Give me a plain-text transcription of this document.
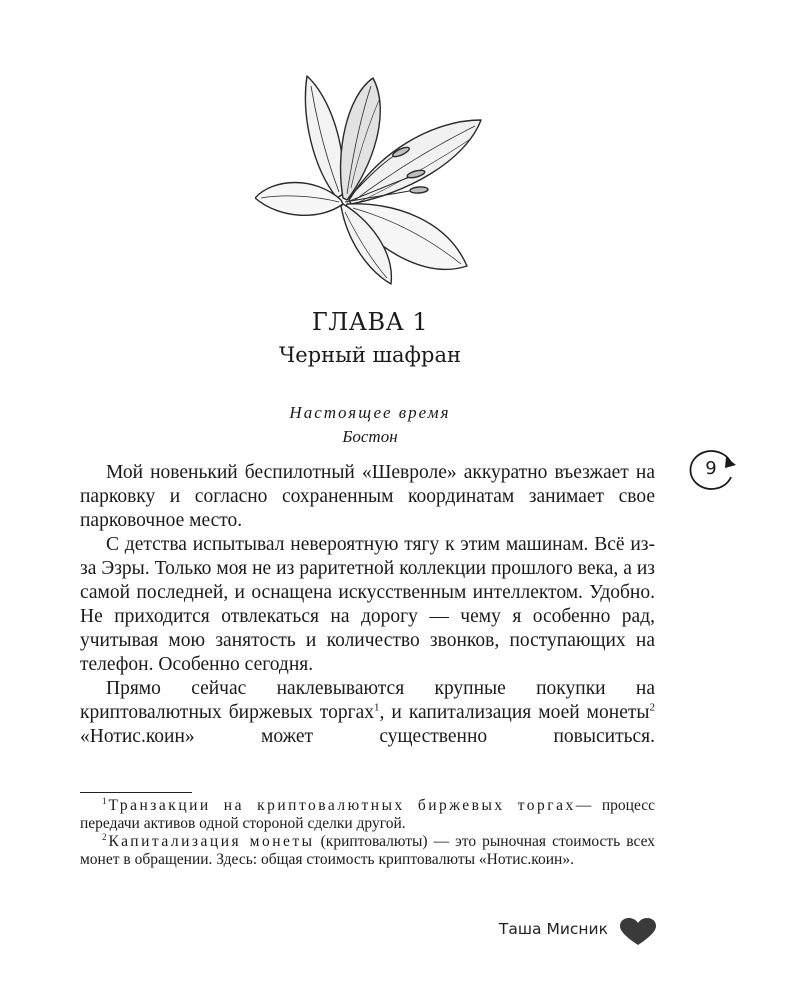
ГЛАВА 1
Черный шафран
Настоящее время
Бостон

Мой новенький беспилотный «Шевроле» аккуратно въезжает на парковку и согласно сохраненным координатам занимает свое парковочное место.

С детства испытывал невероятную тягу к этим машинам. Всё из-за Эзры. Только моя не из раритетной коллекции прошлого века, а из самой последней, и оснащена искусственным интеллектом. Удобно. Не приходится отвлекаться на дорогу — чему я особенно рад, учитывая мою занятость и количество звонков, поступающих на телефон. Особенно сегодня.

Прямо сейчас наклевываются крупные покупки на криптовалютных биржевых торгах$^1$, и капитализация моей монеты$^2$ «Нотис.коин» может существенно повыситься.

$^1$ Транзакции на криптовалютных биржевых торгах— процесс передачи активов одной стороной сделки другой.

$^2$ Капитализация монеты (криптовалюты) — это рыночная стоимость всех монет в обращении. Здесь: общая стоимость криптовалюты «Нотис.коин».

9
Таша Мисник
